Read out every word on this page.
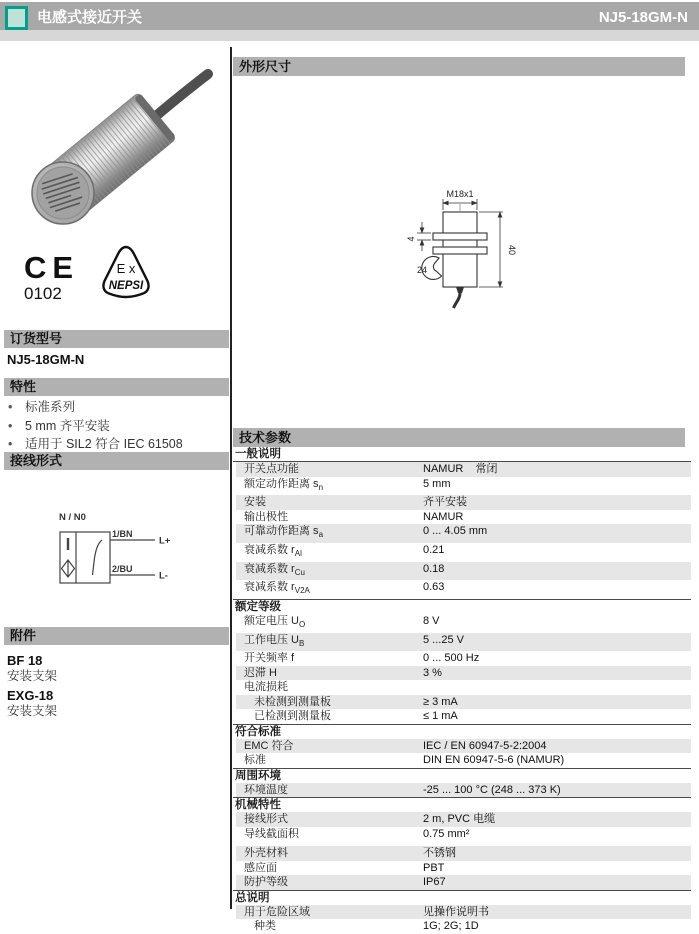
电感式接近开关	NJ5-18GM-N
CE
0102
E x
NEPSI
订货型号
NJ5-18GM-N
特性
•	标准系列
•	5 mm 齐平安装
•	适用于 SIL2 符合 IEC 61508
接线形式
N / N0
1/BN
2/BU
L+
L-
附件
BF 18
安装支架
EXG-18
安装支架
外形尺寸
M18x1
40
4
24
技术参数
一般说明
开关点功能	NAMUR    常闭
额定动作距离 $s_n$	5 mm
安装	齐平安装
输出极性	NAMUR
可靠动作距离 $s_a$	0 ... 4.05 mm
衰减系数 $r_{Al}$	0.21
衰减系数 $r_{Cu}$	0.18
衰减系数 $r_{V2A}$	0.63
额定等级
额定电压 $U_O$	8 V
工作电压 $U_B$	5 ...25 V
开关频率 f	0 ... 500 Hz
迟滞 H	3 %
电流损耗
未检测到测量板	≥ 3 mA
已检测到测量板	≤ 1 mA
符合标准
EMC 符合	IEC / EN 60947-5-2:2004
标准	DIN EN 60947-5-6 (NAMUR)
周围环境
环境温度	-25 ... 100 °C (248 ... 373 K)
机械特性
接线形式	2 m, PVC 电缆
导线截面积	0.75 mm²
外壳材料	不锈钢
感应面	PBT
防护等级	IP67
总说明
用于危险区域	见操作说明书
种类	1G; 2G; 1D
